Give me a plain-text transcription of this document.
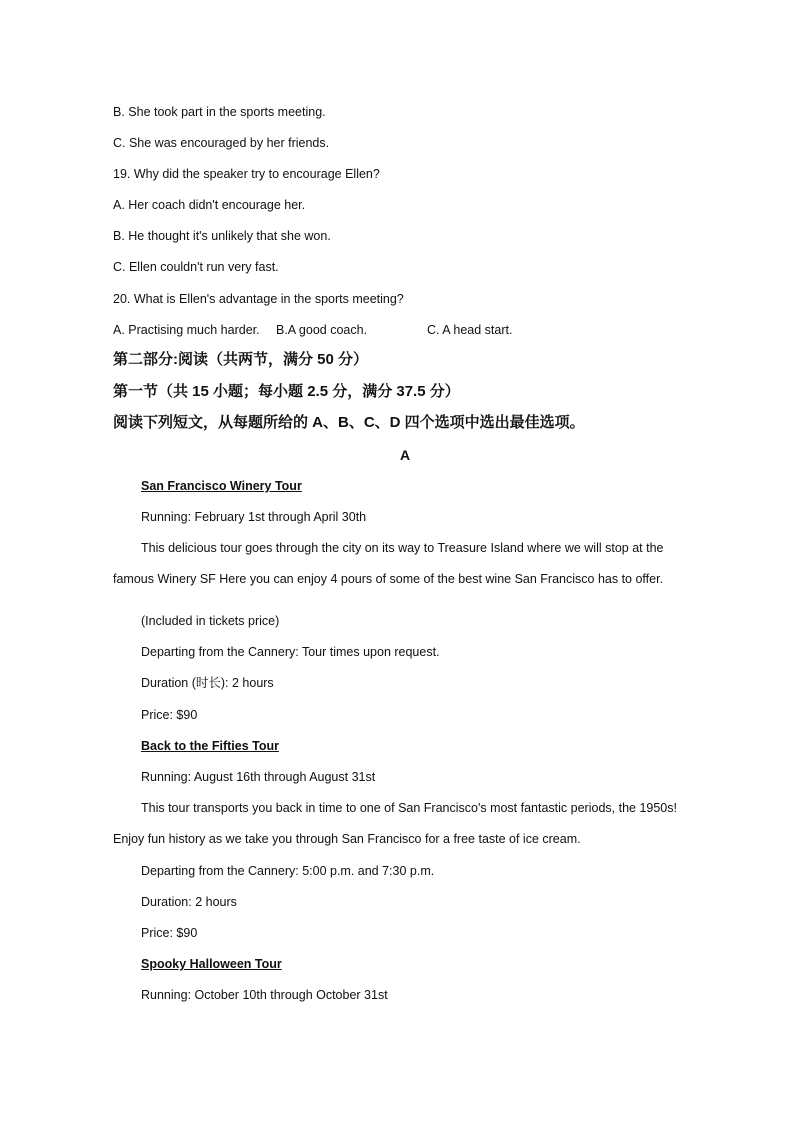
B. She took part in the sports meeting.
C. She was encouraged by her friends.
19. Why did the speaker try to encourage Ellen?
A. Her coach didn't encourage her.
B. He thought it's unlikely that she won.
C. Ellen couldn't run very fast.
20. What is Ellen's advantage in the sports meeting?
A. Practising much harder. B.A good coach.	C. A head start.
第二部分:阅读（共两节，满分 50 分）
第一节（共 15 小题；每小题 2.5 分，满分 37.5 分）
阅读下列短文，从每题所给的 A、B、C、D 四个选项中选出最佳选项。
A
San Francisco Winery Tour
Running: February 1st through April 30th
This delicious tour goes through the city on its way to Treasure Island where we will stop at the
famous Winery SF Here you can enjoy 4 pours of some of the best wine San Francisco has to offer.
(Included in tickets price)
Departing from the Cannery: Tour times upon request.
Duration (时长): 2 hours
Price: $90
Back to the Fifties Tour
Running: August 16th through August 31st
This tour transports you back in time to one of San Francisco's most fantastic periods, the 1950s!
Enjoy fun history as we take you through San Francisco for a free taste of ice cream.
Departing from the Cannery: 5:00 p.m. and 7:30 p.m.
Duration: 2 hours
Price: $90
Spooky Halloween Tour
Running: October 10th through October 31st
